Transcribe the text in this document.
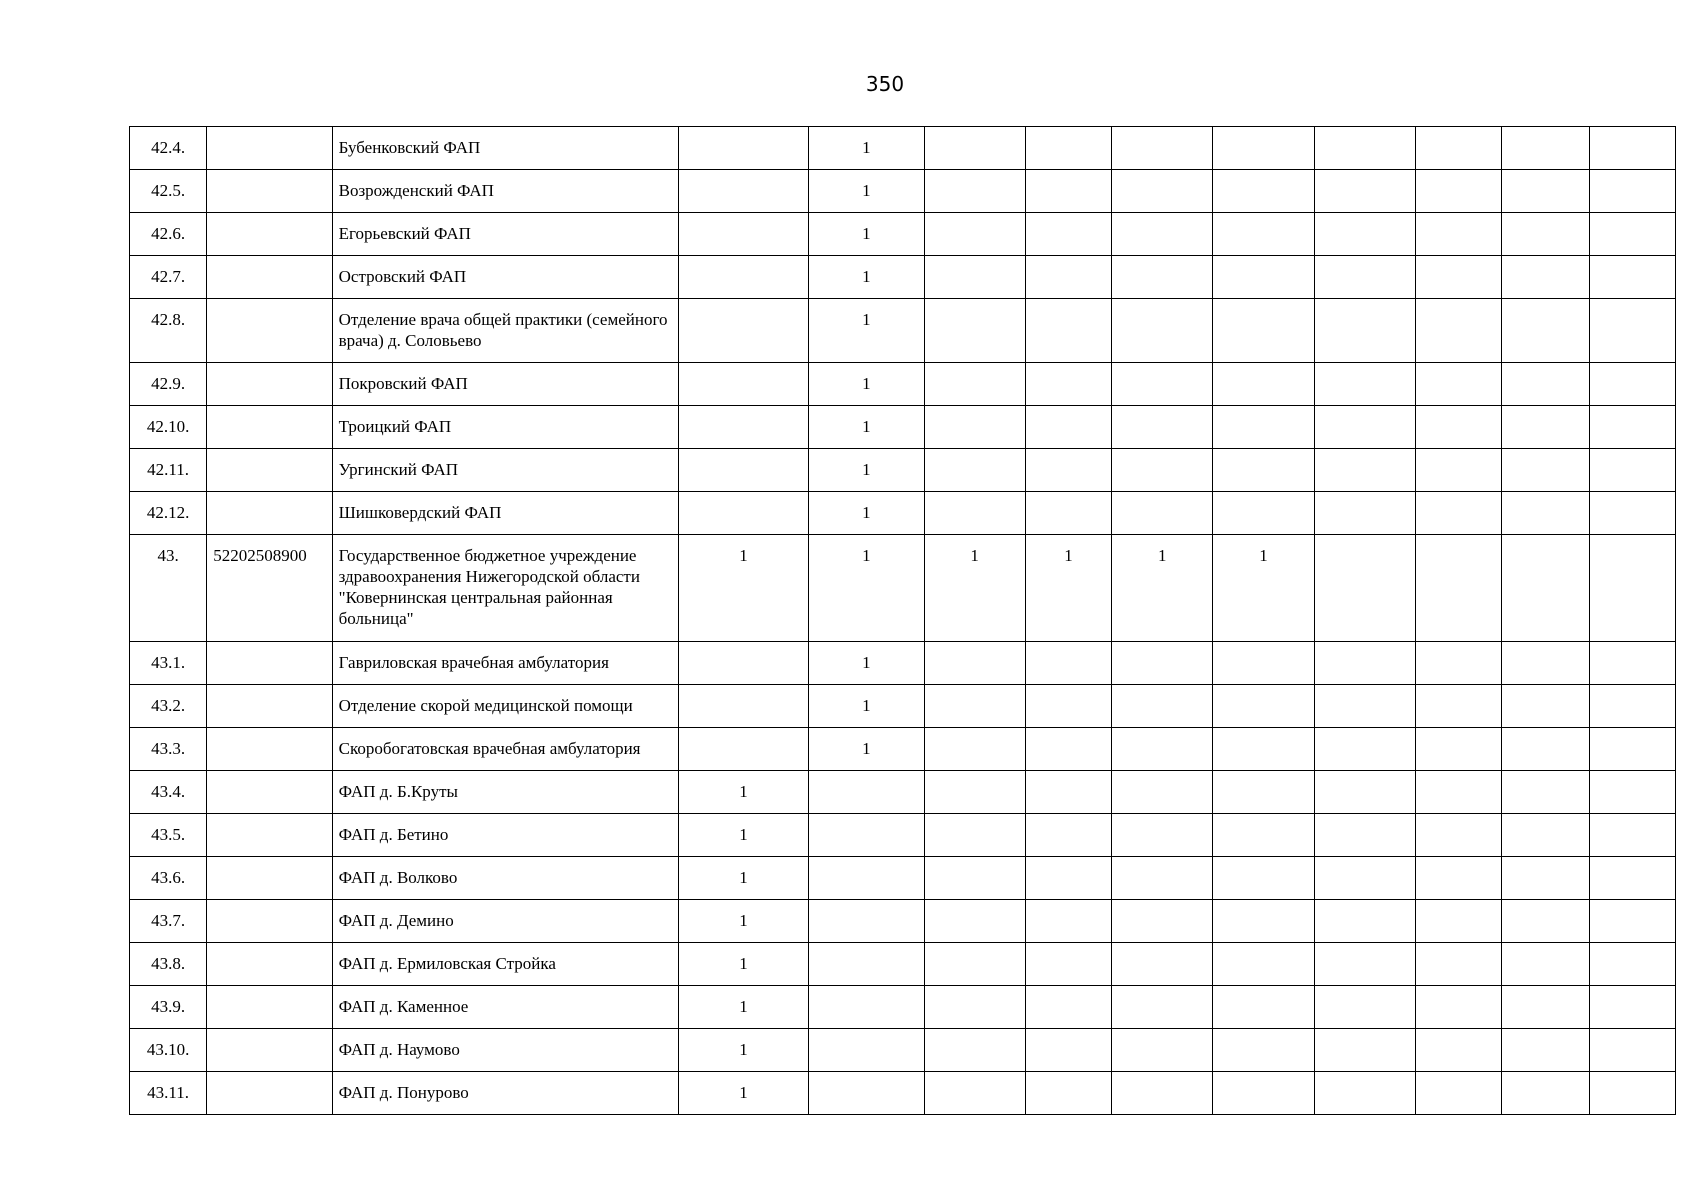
350
42.4.		Бубенковский ФАП		1								
42.5.		Возрожденский ФАП		1								
42.6.		Егорьевский ФАП		1								
42.7.		Островский ФАП		1								
42.8.		Отделение врача общей практики (семейного врача) д. Соловьево		1								
42.9.		Покровский ФАП		1								
42.10.		Троицкий ФАП		1								
42.11.		Ургинский ФАП		1								
42.12.		Шишковердский ФАП		1								
43.	52202508900	Государственное бюджетное учреждение здравоохранения Нижегородской области "Ковернинская центральная районная больница"	1	1	1	1	1	1				
43.1.		Гавриловская врачебная амбулатория		1								
43.2.		Отделение скорой медицинской помощи		1								
43.3.		Скоробогатовская врачебная амбулатория		1								
43.4.		ФАП д. Б.Круты	1									
43.5.		ФАП д. Бетино	1									
43.6.		ФАП д. Волково	1									
43.7.		ФАП д. Демино	1									
43.8.		ФАП д. Ермиловская Стройка	1									
43.9.		ФАП д. Каменное	1									
43.10.		ФАП д. Наумово	1									
43.11.		ФАП д. Понурово	1									
